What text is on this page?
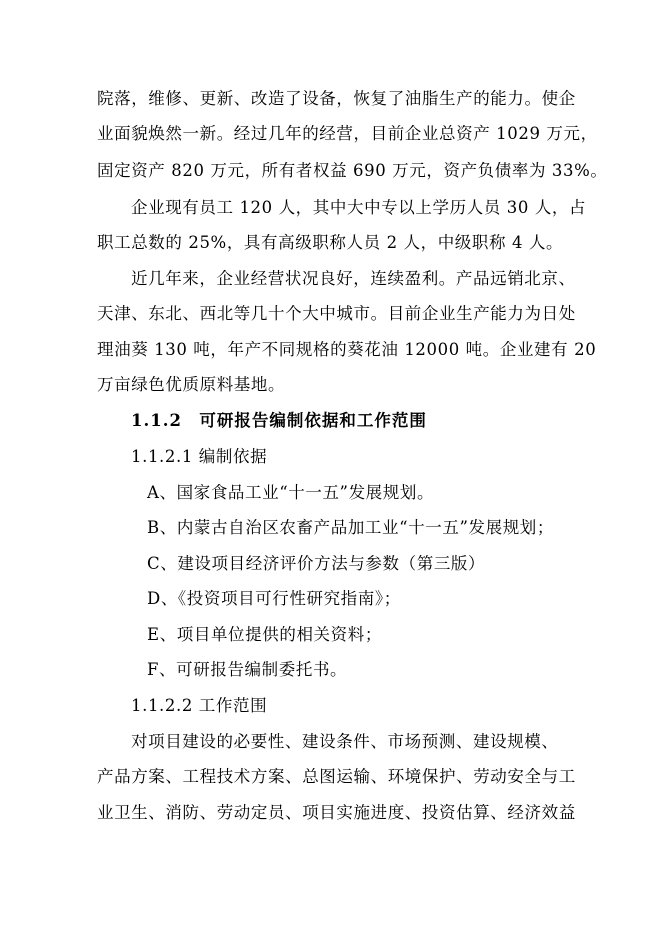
院落，维修、更新、改造了设备，恢复了油脂生产的能力。使企
业面貌焕然一新。经过几年的经营，目前企业总资产 1029 万元，
固定资产 820 万元，所有者权益 690 万元，资产负债率为 33%。
企业现有员工 120 人，其中大中专以上学历人员 30 人，占
职工总数的 25%，具有高级职称人员 2 人，中级职称 4 人。
近几年来，企业经营状况良好，连续盈利。产品远销北京、
天津、东北、西北等几十个大中城市。目前企业生产能力为日处
理油葵 130 吨，年产不同规格的葵花油 12000 吨。企业建有 20
万亩绿色优质原料基地。
1.1.2　可研报告编制依据和工作范围
1.1.2.1 编制依据
A、国家食品工业“十一五”发展规划。
B、内蒙古自治区农畜产品加工业“十一五”发展规划；
C、建设项目经济评价方法与参数（第三版）
D、《投资项目可行性研究指南》；
E、项目单位提供的相关资料；
F、可研报告编制委托书。
1.1.2.2 工作范围
对项目建设的必要性、建设条件、市场预测、建设规模、
产品方案、工程技术方案、总图运输、环境保护、劳动安全与工
业卫生、消防、劳动定员、项目实施进度、投资估算、经济效益
